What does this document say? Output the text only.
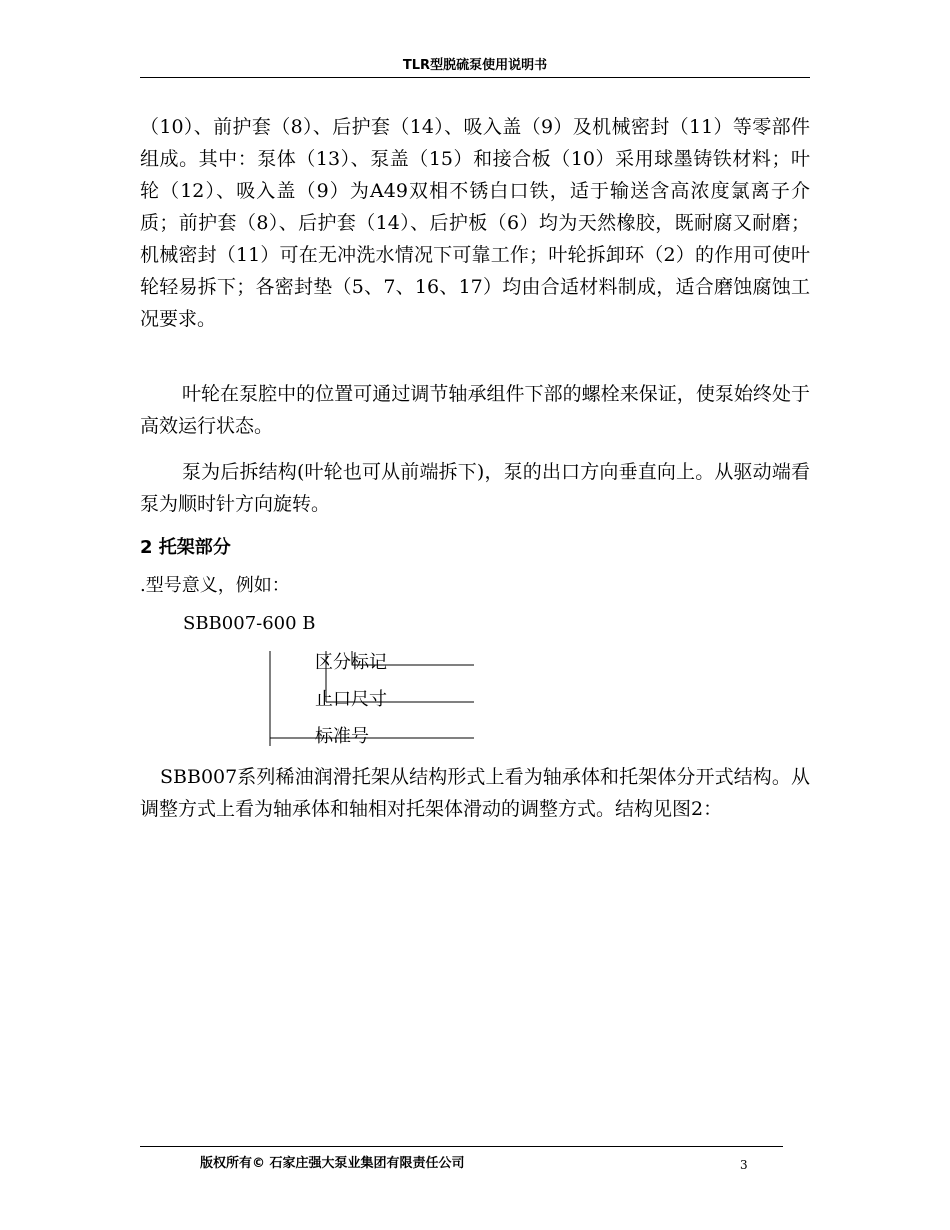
TLR型脱硫泵使用说明书
（10）、前护套（8）、后护套（14）、吸入盖（9）及机械密封（11）等零部件组成。其中：泵体（13）、泵盖（15）和接合板（10）采用球墨铸铁材料；叶轮（12）、吸入盖（9）为A49双相不锈白口铁，适于输送含高浓度氯离子介质；前护套（8）、后护套（14）、后护板（6）均为天然橡胶，既耐腐又耐磨；机械密封（11）可在无冲洗水情况下可靠工作；叶轮拆卸环（2）的作用可使叶轮轻易拆下；各密封垫（5、7、16、17）均由合适材料制成，适合磨蚀腐蚀工况要求。
叶轮在泵腔中的位置可通过调节轴承组件下部的螺栓来保证，使泵始终处于高效运行状态。
泵为后拆结构(叶轮也可从前端拆下)，泵的出口方向垂直向上。从驱动端看泵为顺时针方向旋转。
2 托架部分
.型号意义，例如：
SBB007-600 B
区分标记
止口尺寸
标准号
SBB007系列稀油润滑托架从结构形式上看为轴承体和托架体分开式结构。从调整方式上看为轴承体和轴相对托架体滑动的调整方式。结构见图2：
版权所有© 石家庄强大泵业集团有限责任公司	3
